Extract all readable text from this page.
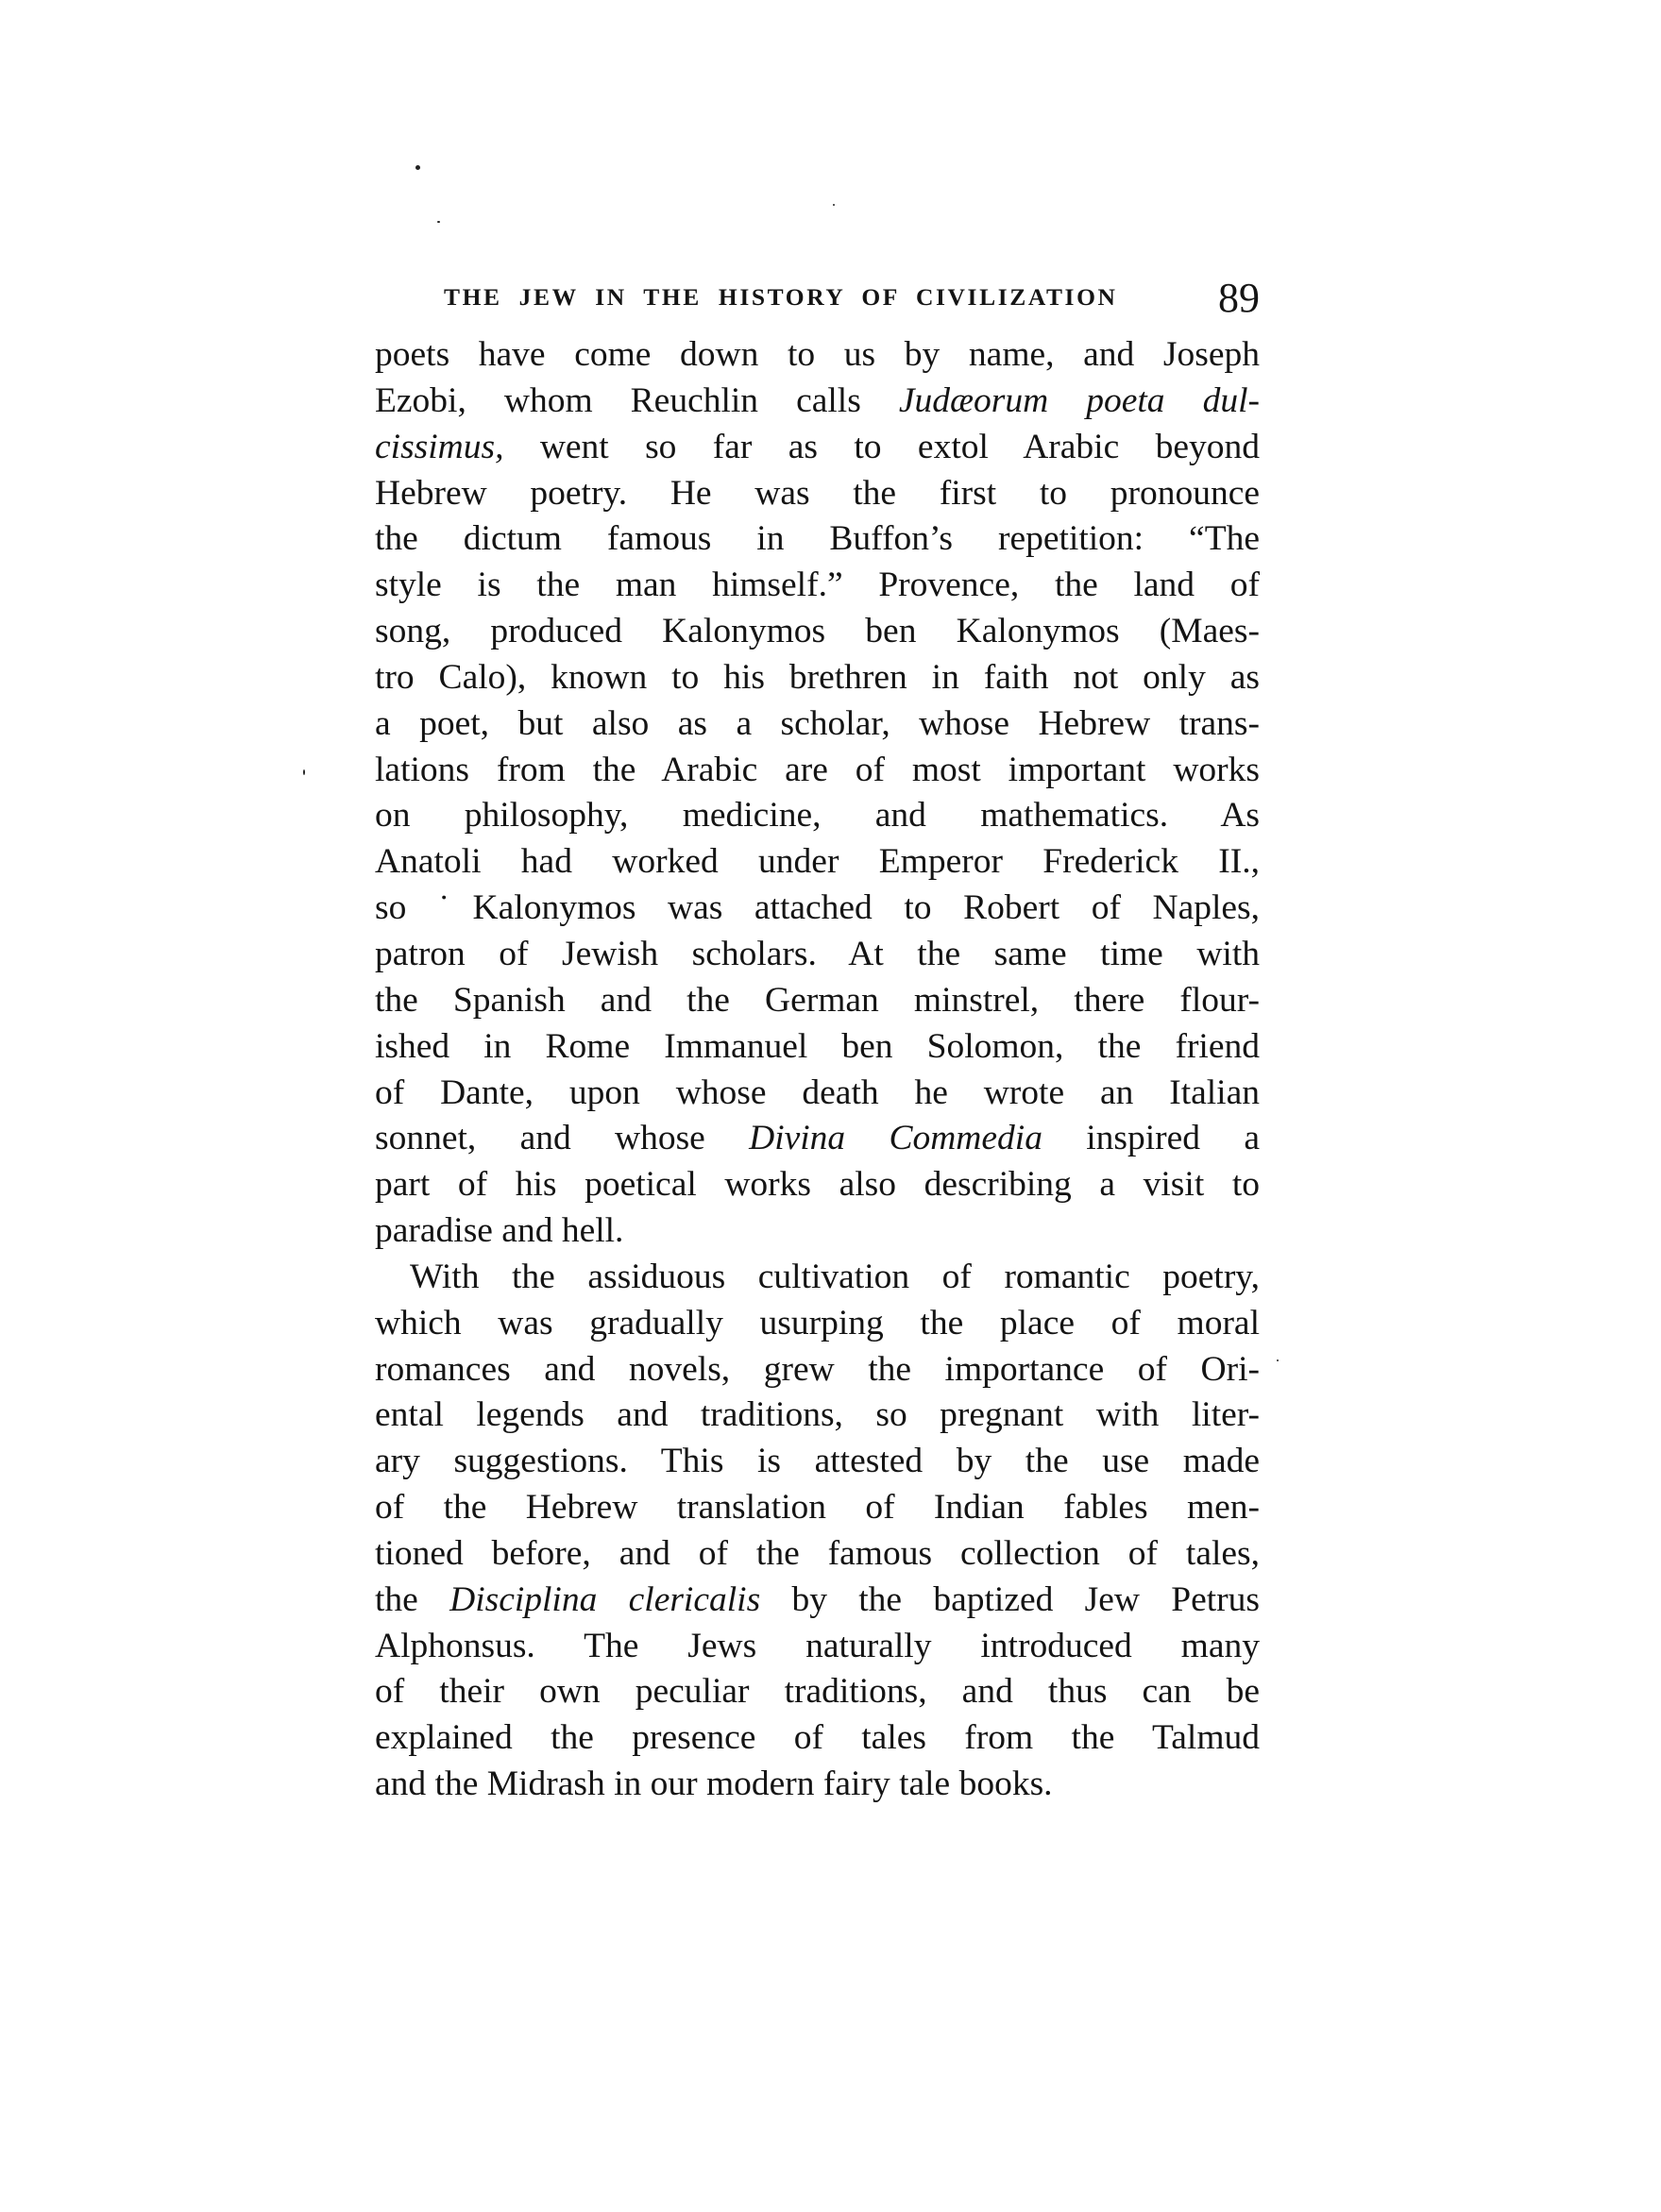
THE JEW IN THE HISTORY OF CIVILIZATION 89
poets have come down to us by name, and Joseph
Ezobi, whom Reuchlin calls Judæorum poeta dul-
cissimus, went so far as to extol Arabic beyond
Hebrew poetry. He was the first to pronounce
the dictum famous in Buffon’s repetition: “The
style is the man himself.” Provence, the land of
song, produced Kalonymos ben Kalonymos (Maes-
tro Calo), known to his brethren in faith not only as
a poet, but also as a scholar, whose Hebrew trans-
lations from the Arabic are of most important works
on philosophy, medicine, and mathematics. As
Anatoli had worked under Emperor Frederick II.,
so ˙Kalonymos was attached to Robert of Naples,
patron of Jewish scholars. At the same time with
the Spanish and the German minstrel, there flour-
ished in Rome Immanuel ben Solomon, the friend
of Dante, upon whose death he wrote an Italian
sonnet, and whose Divina Commedia inspired a
part of his poetical works also describing a visit to
paradise and hell.
With the assiduous cultivation of romantic poetry,
which was gradually usurping the place of moral
romances and novels, grew the importance of Ori-
ental legends and traditions, so pregnant with liter-
ary suggestions. This is attested by the use made
of the Hebrew translation of Indian fables men-
tioned before, and of the famous collection of tales,
the Disciplina clericalis by the baptized Jew Petrus
Alphonsus. The Jews naturally introduced many
of their own peculiar traditions, and thus can be
explained the presence of tales from the Talmud
and the Midrash in our modern fairy tale books.
